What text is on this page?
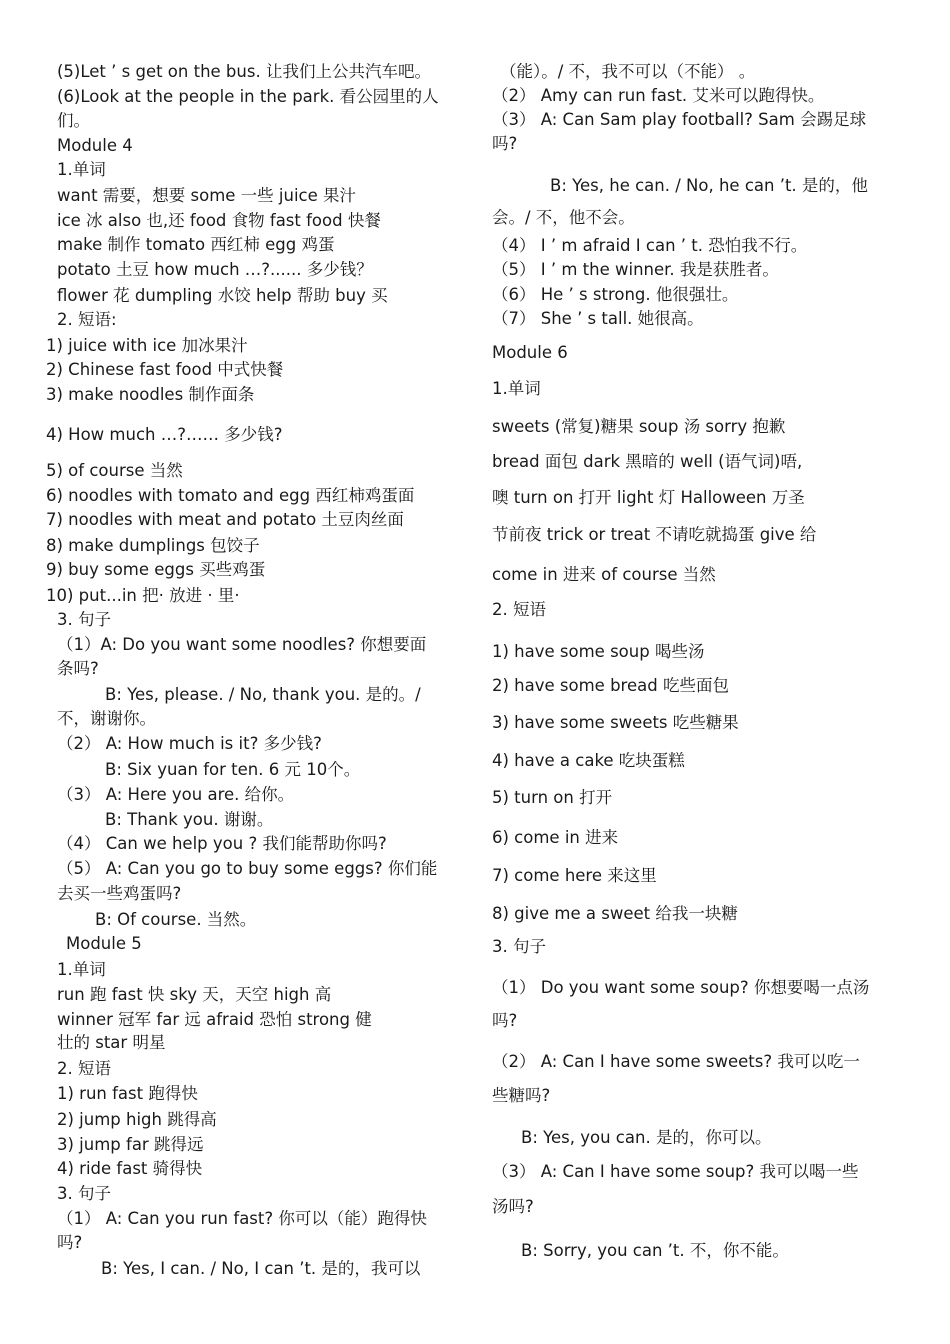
(5)Let ’ s get on the bus. 让我们上公共汽车吧。
(6)Look at the people in the park. 看公园里的人
们。
Module 4
1.单词
want 需要，想要 some 一些 juice 果汁
ice 冰 also 也,还 food 食物 fast food 快餐
make 制作 tomato 西红柿 egg 鸡蛋
potato 土豆 how much …?...... 多少钱？
flower 花 dumpling 水饺 help 帮助 buy 买
2. 短语:
1) juice with ice 加冰果汁
2) Chinese fast food 中式快餐
3) make noodles 制作面条
4) How much …?…… 多少钱?
5) of course 当然
6) noodles with tomato and egg 西红柿鸡蛋面
7) noodles with meat and potato 土豆肉丝面
8) make dumplings 包饺子
9) buy some eggs 买些鸡蛋
10) put...in 把· 放进 · 里·
3. 句子
（1）A: Do you want some noodles? 你想要面
条吗?
B: Yes, please. / No, thank you. 是的。/
不，谢谢你。
（2） A: How much is it? 多少钱?
B: Six yuan for ten. 6 元 10个。
（3） A: Here you are. 给你。
B: Thank you. 谢谢。
（4） Can we help you ? 我们能帮助你吗?
（5） A: Can you go to buy some eggs? 你们能
去买一些鸡蛋吗?
B: Of course. 当然。
Module 5
1.单词
run 跑 fast 快 sky 天，天空 high 高
winner 冠军 far 远 afraid 恐怕 strong 健
壮的 star 明星
2. 短语
1) run fast 跑得快
2) jump high 跳得高
3) jump far 跳得远
4) ride fast 骑得快
3. 句子
（1） A: Can you run fast? 你可以（能）跑得快
吗?
B: Yes, I can. / No, I can ’t. 是的，我可以
（能）。/ 不，我不可以（不能） 。
（2） Amy can run fast. 艾米可以跑得快。
（3） A: Can Sam play football? Sam 会踢足球
吗?
B: Yes, he can. / No, he can ’t. 是的，他
会。/ 不，他不会。
（4） I ’ m afraid I can ’ t. 恐怕我不行。
（5） I ’ m the winner. 我是获胜者。
（6） He ’ s strong. 他很强壮。
（7） She ’ s tall. 她很高。
Module 6
1.单词
sweets (常复)糖果 soup 汤 sorry 抱歉
bread 面包 dark 黑暗的 well (语气词)唔,
噢 turn on 打开 light 灯 Halloween 万圣
节前夜 trick or treat 不请吃就捣蛋 give 给
come in 进来 of course 当然
2. 短语
1) have some soup 喝些汤
2) have some bread 吃些面包
3) have some sweets 吃些糖果
4) have a cake 吃块蛋糕
5) turn on 打开
6) come in 进来
7) come here 来这里
8) give me a sweet 给我一块糖
3. 句子
（1） Do you want some soup? 你想要喝一点汤
吗?
（2） A: Can I have some sweets? 我可以吃一
些糖吗?
B: Yes, you can. 是的，你可以。
（3） A: Can I have some soup? 我可以喝一些
汤吗?
B: Sorry, you can ’t. 不，你不能。
